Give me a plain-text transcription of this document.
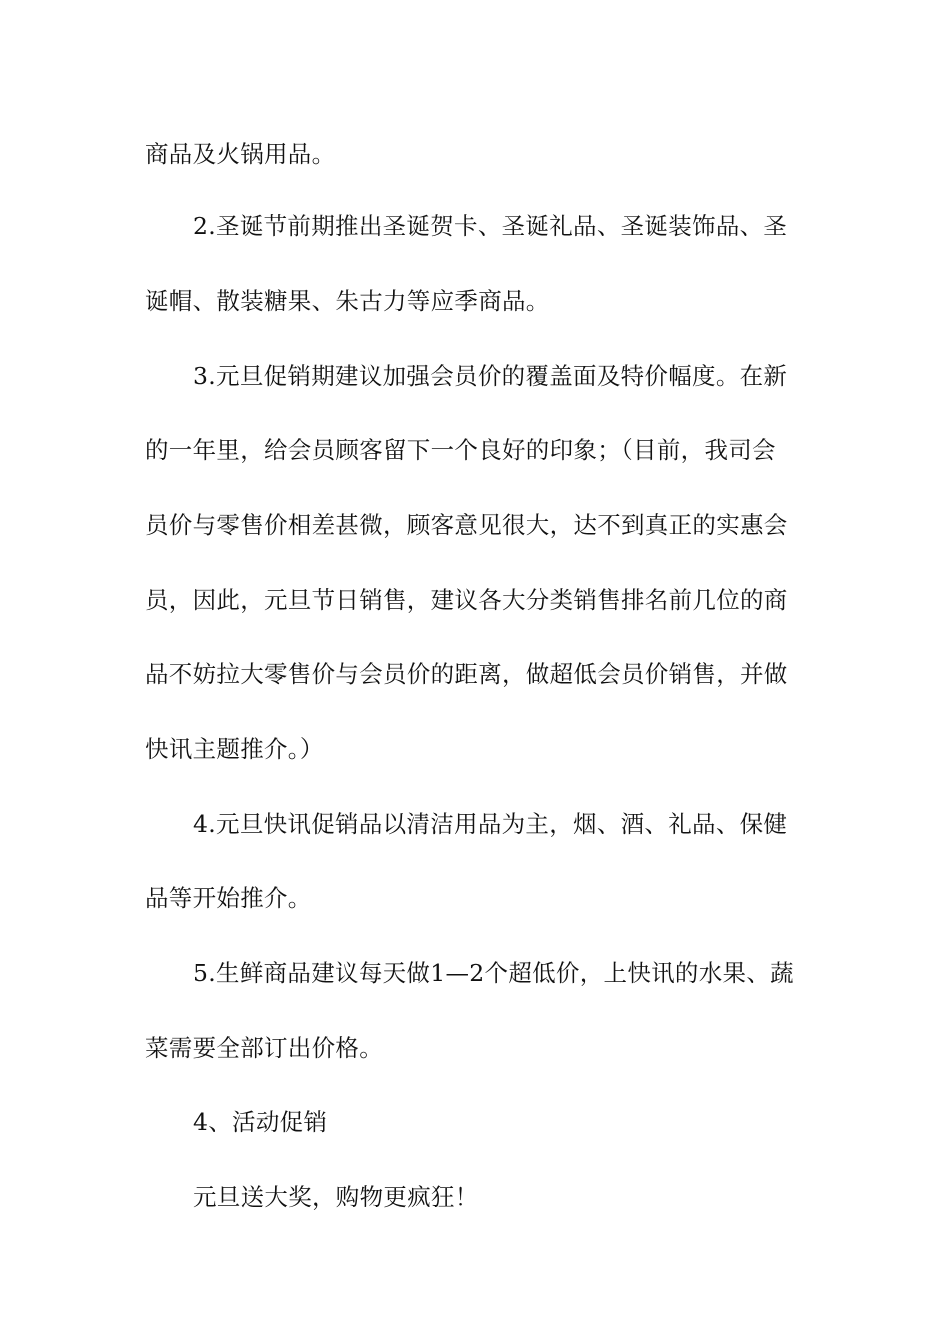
商品及火锅用品。
2.圣诞节前期推出圣诞贺卡、圣诞礼品、圣诞装饰品、圣
诞帽、散装糖果、朱古力等应季商品。
3.元旦促销期建议加强会员价的覆盖面及特价幅度。在新
的一年里，给会员顾客留下一个良好的印象；（目前，我司会
员价与零售价相差甚微，顾客意见很大，达不到真正的实惠会
员，因此，元旦节日销售，建议各大分类销售排名前几位的商
品不妨拉大零售价与会员价的距离，做超低会员价销售，并做
快讯主题推介。）
4.元旦快讯促销品以清洁用品为主，烟、酒、礼品、保健
品等开始推介。
5.生鲜商品建议每天做1—2个超低价，上快讯的水果、蔬
菜需要全部订出价格。
4、活动促销
元旦送大奖，购物更疯狂！
